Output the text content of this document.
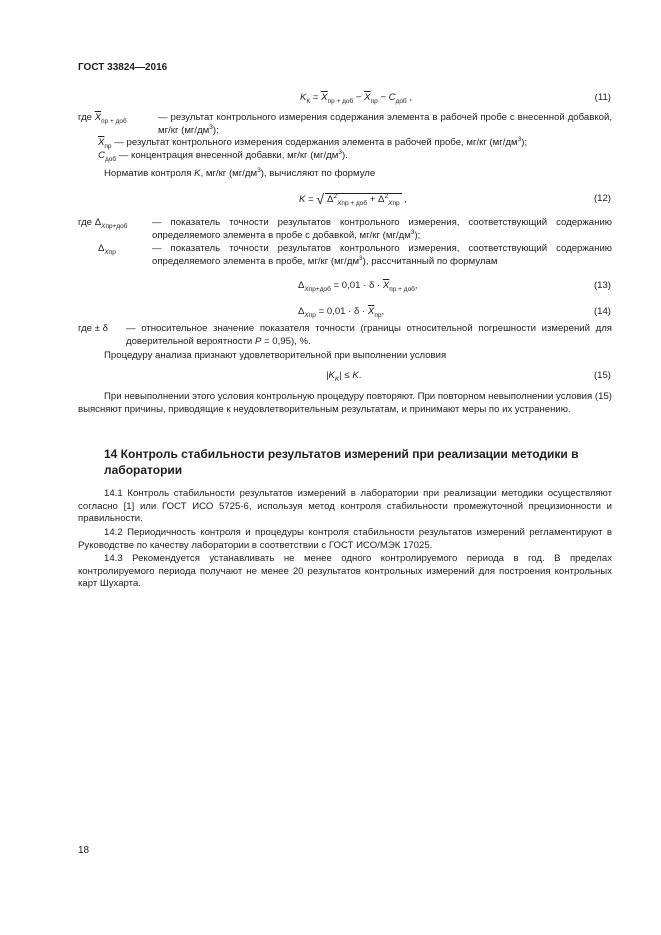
ГОСТ 33824—2016
$K_К = \overline{X}_{пр + доб} - \overline{X}_{пр} - C_{доб}$ ,	(11)
где $\overline{X}_{пр + доб}$	— результат контрольного измерения содержания элемента в рабочей пробе с внесенной добавкой, мг/кг $(мг/дм^3)$;
$\overline{X}_{пр}$ — результат контрольного измерения содержания элемента в рабочей пробе, мг/кг $(мг/дм^3)$;
$C_{доб}$ — концентрация внесенной добавки, мг/кг $(мг/дм^3)$.
Норматив контроля K, мг/кг $(мг/дм^3)$, вычисляют по формуле
K = √ $\Delta^2_{Xпр + доб} + \Delta^2_{Xпр}$ ,	(12)
где $\Delta_{Xпр+доб}$	— показатель точности результатов контрольного измерения, соответствующий содержанию определяемого элемента в пробе с добавкой, мг/кг $(мг/дм^3)$;
$\Delta_{Xпр}$	— показатель точности результатов контрольного измерения, соответствующий содержанию определяемого элемента в пробе, мг/кг $(мг/дм^3)$, рассчитанный по формулам
$\Delta_{Xпр+доб} = 0,01 \cdot \delta \cdot \overline{X}_{пр + доб}$,	(13)
$\Delta_{Xпр} = 0,01 \cdot \delta \cdot \overline{X}_{пр}$,	(14)
где ± δ — относительное значение показателя точности (границы относительной погрешности измерений для доверительной вероятности P = 0,95), %.
Процедуру анализа признают удовлетворительной при выполнении условия
$|K_K| \le K$.	(15)
При невыполнении этого условия контрольную процедуру повторяют. При повторном невыполнении условия (15) выясняют причины, приводящие к неудовлетворительным результатам, и принимают меры по их устранению.
14 Контроль стабильности результатов измерений при реализации методики в лаборатории
14.1 Контроль стабильности результатов измерений в лаборатории при реализации методики осуществляют согласно [1] или ГОСТ ИСО 5725-6, используя метод контроля стабильности промежуточной прецизионности и правильности.
14.2 Периодичность контроля и процедуры контроля стабильности результатов измерений регламентируют в Руководстве по качеству лаборатории в соответствии с ГОСТ ИСО/МЭК 17025.
14.3 Рекомендуется устанавливать не менее одного контролируемого периода в год. В пределах контролируемого периода получают не менее 20 результатов контрольных измерений для построения контрольных карт Шухарта.
18
